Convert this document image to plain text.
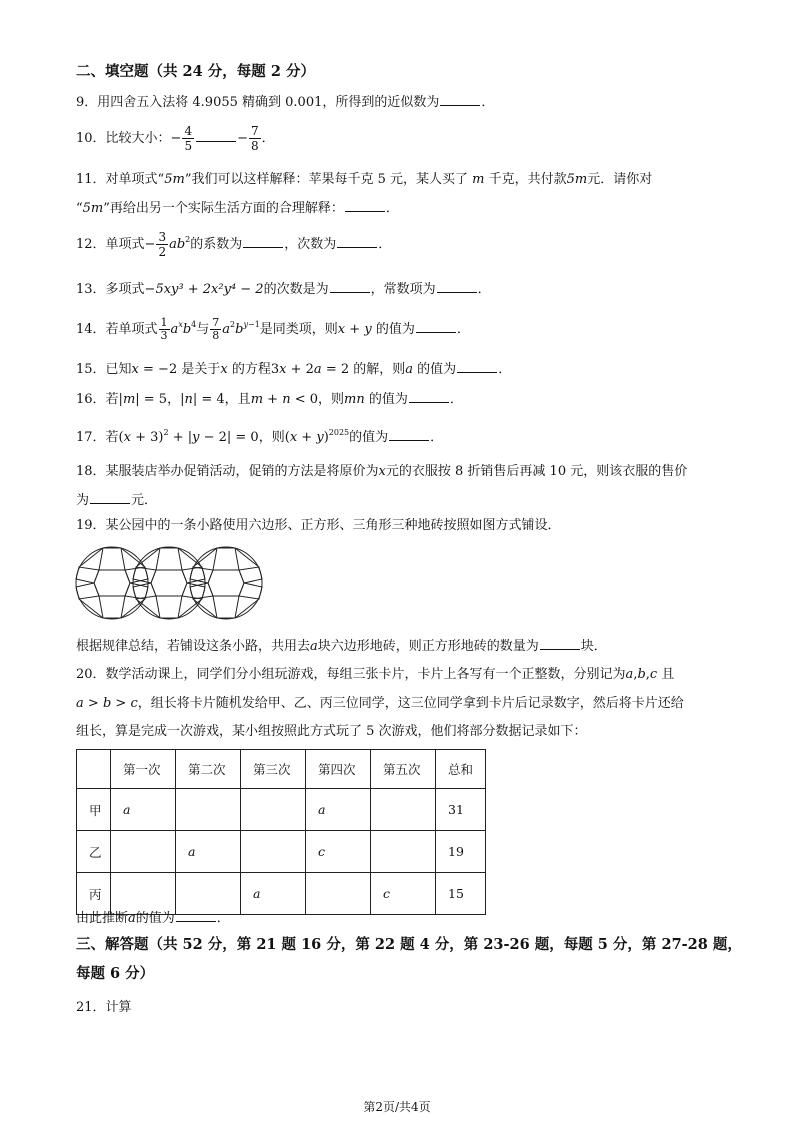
二、填空题（共 24 分，每题 2 分）
9．用四舍五入法将 4.9055 精确到 0.001，所得到的近似数为	．
10．比较大小：− $\frac{4}{5}$	− $\frac{7}{8}$ ．
11．对单项式“5m”我们可以这样解释：苹果每千克 5 元，某人买了 m 千克，共付款5m元．请你对
“5m”再给出另一个实际生活方面的合理解释：	．
12．单项式− $\frac{3}{2} ab^2$的系数为	，次数为	．
13．多项式−5xy³ + 2x²y⁴ − 2的次数是为	，常数项为	．
14．若单项式 $\frac{1}{3} a^xb^4$与 $\frac{7}{8} a^2b^{y-1}$是同类项，则x + y 的值为	．
15．已知x = −2 是关于x 的方程3x + 2a = 2 的解，则a 的值为	．
16．若|m| = 5，|n| = 4，且m + n < 0，则mn 的值为	．
17．若$(x + 3)^2 + |y - 2| = 0$，则$(x + y)^{2025}$的值为	．
18．某服装店举办促销活动，促销的方法是将原价为x元的衣服按 8 折销售后再减 10 元，则该衣服的售价
为	元．
19．某公园中的一条小路使用六边形、正方形、三角形三种地砖按照如图方式铺设．
根据规律总结，若铺设这条小路，共用去a块六边形地砖，则正方形地砖的数量为	块．
20．数学活动课上，同学们分小组玩游戏，每组三张卡片，卡片上各写有一个正整数，分别记为a,b,c 且
a > b > c，组长将卡片随机发给甲、乙、丙三位同学，这三位同学拿到卡片后记录数字，然后将卡片还给
组长，算是完成一次游戏，某小组按照此方式玩了 5 次游戏，他们将部分数据记录如下：
	第一次	第二次	第三次	第四次	第五次	总和
甲	a			a		31
乙		a		c		19
丙			a		c	15
由此推断a的值为	．
三、解答题（共 52 分，第 21 题 16 分，第 22 题 4 分，第 23-26 题，每题 5 分，第 27-28 题，
每题 6 分）
21．计算
第2页/共4页
